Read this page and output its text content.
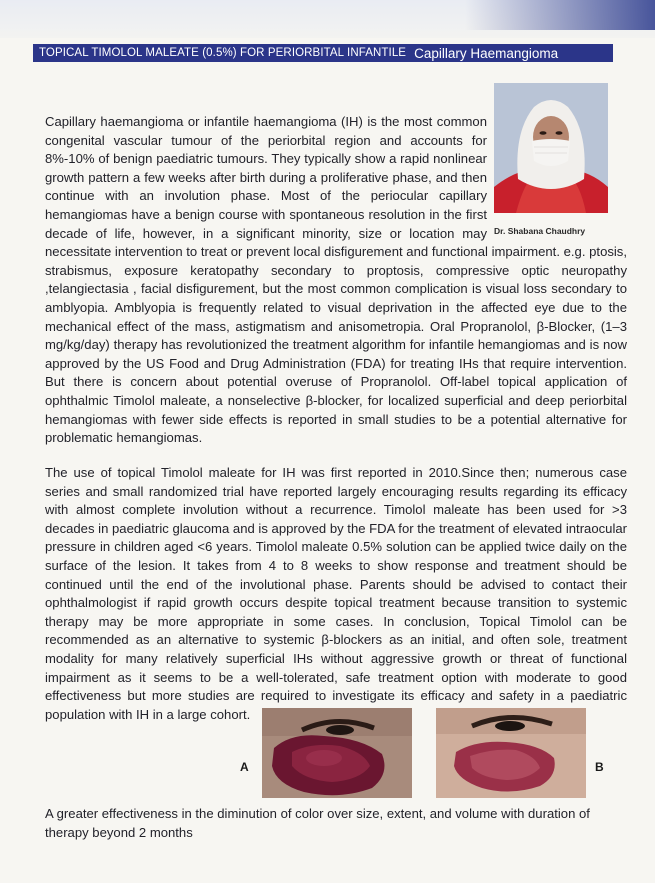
TOPICAL TIMOLOL MALEATE (0.5%) FOR PERIORBITAL INFANTILE Capillary Haemangioma
Dr. Shabana Chaudhry
Capillary haemangioma or infantile haemangioma (IH) is the most common congenital vascular tumour of the periorbital region and accounts for 8%-10% of benign paediatric tumours. They typically show a rapid nonlinear growth pattern a few weeks after birth during a proliferative phase, and then continue with an involution phase. Most of the periocular capillary hemangiomas have a benign course with spontaneous resolution in the first decade of life, however, in a significant minority, size or location may necessitate intervention to treat or prevent local disfigurement and functional impairment. e.g. ptosis, strabismus, exposure keratopathy secondary to proptosis, compressive optic neuropathy ,telangiectasia , facial disfigurement, but the most common complication is visual loss secondary to amblyopia. Amblyopia is frequently related to visual deprivation in the affected eye due to the mechanical effect of the mass, astigmatism and anisometropia. Oral Propranolol, β-Blocker, (1–3 mg/kg/day) therapy has revolutionized the treatment algorithm for infantile hemangiomas and is now approved by the US Food and Drug Administration (FDA) for treating IHs that require intervention. But there is concern about potential overuse of Propranolol. Off-label topical application of ophthalmic Timolol maleate, a nonselective β-blocker, for localized superficial and deep periorbital hemangiomas with fewer side effects is reported in small studies to be a potential alternative for problematic hemangiomas.
The use of topical Timolol maleate for IH was first reported in 2010.Since then; numerous case series and small randomized trial have reported largely encouraging results regarding its efficacy with almost complete involution without a recurrence. Timolol maleate has been used for >3 decades in paediatric glaucoma and is approved by the FDA for the treatment of elevated intraocular pressure in children aged <6 years. Timolol maleate 0.5% solution can be applied twice daily on the surface of the lesion. It takes from 4 to 8 weeks to show response and treatment should be continued until the end of the involutional phase. Parents should be advised to contact their ophthalmologist if rapid growth occurs despite topical treatment because transition to systemic therapy may be more appropriate in some cases. In conclusion, Topical Timolol can be recommended as an alternative to systemic β-blockers as an initial, and often sole, treatment modality for many relatively superficial IHs without aggressive growth or threat of functional impairment as it seems to be a well-tolerated, safe treatment option with moderate to good effectiveness but more studies are required to investigate its efficacy and safety in a paediatric population with IH in a large cohort.
A	B
A greater effectiveness in the diminution of color over size, extent, and volume with duration of therapy beyond 2 months
